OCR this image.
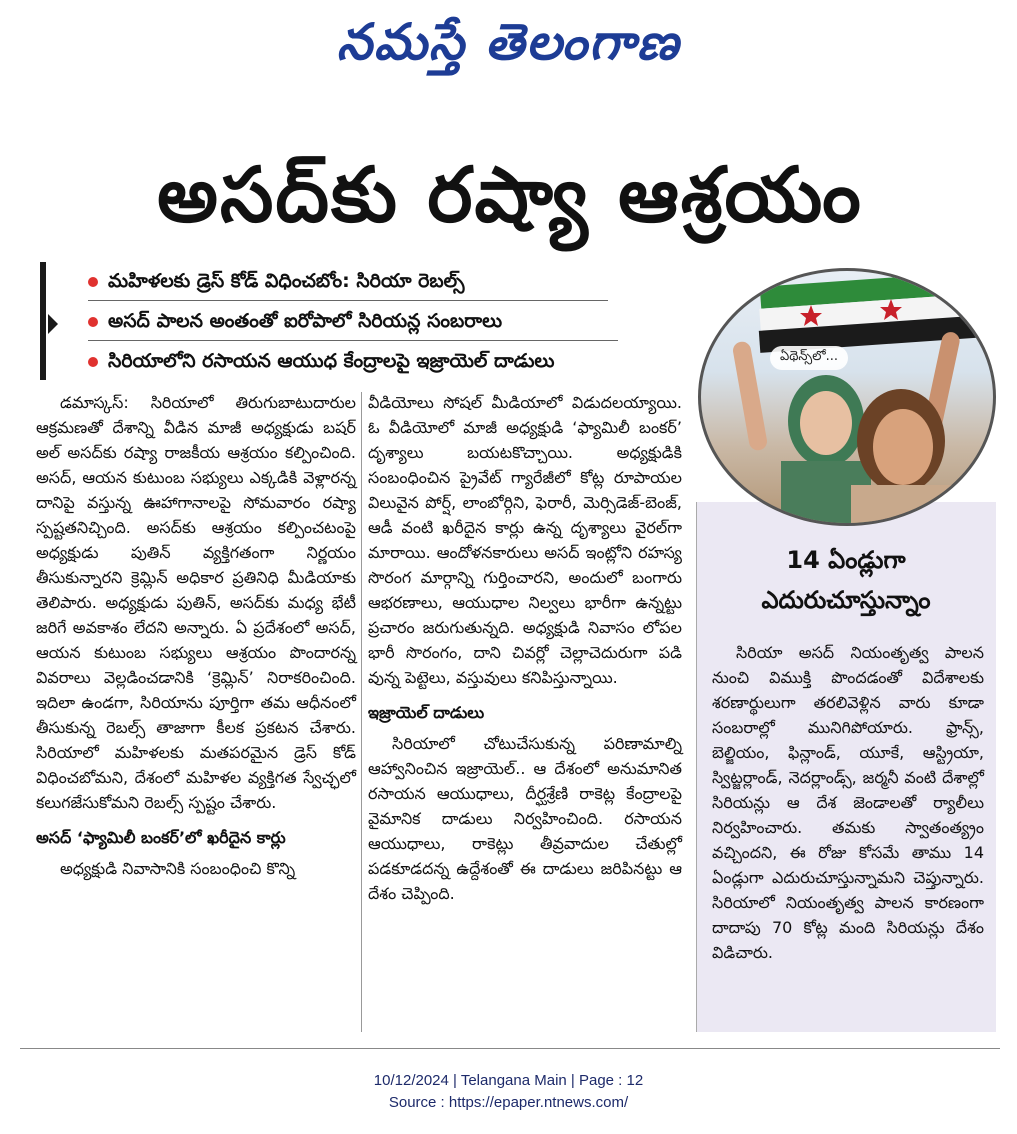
నమస్తే తెలంగాణ
అసద్‌కు రష్యా ఆశ్రయం
మహిళలకు డ్రెస్ కోడ్ విధించబోం: సిరియా రెబల్స్
అసద్ పాలన అంతంతో ఐరోపాలో సిరియన్ల సంబరాలు
సిరియాలోని రసాయన ఆయుధ కేంద్రాలపై ఇజ్రాయెల్ దాడులు	ఏథెన్స్‌లో...

డమాస్కస్: సిరియాలో తిరుగుబాటుదారుల ఆక్రమణతో దేశాన్ని వీడిన మాజీ అధ్యక్షుడు బషర్ అల్ అసద్‌కు రష్యా రాజకీయ ఆశ్రయం కల్పించింది. అసద్, ఆయన కుటుంబ సభ్యులు ఎక్కడికి వెళ్లారన్న దానిపై వస్తున్న ఊహాగానాలపై సోమవారం రష్యా స్పష్టతనిచ్చింది. అసద్‌కు ఆశ్రయం కల్పించటంపై అధ్యక్షుడు పుతిన్ వ్యక్తిగతంగా నిర్ణయం తీసుకున్నారని క్రెమ్లిన్ అధికార ప్రతినిధి మీడియాకు తెలిపారు. అధ్యక్షుడు పుతిన్, అసద్‌కు మధ్య భేటీ జరిగే అవకాశం లేదని అన్నారు. ఏ ప్రదేశంలో అసద్, ఆయన కుటుంబ సభ్యులు ఆశ్రయం పొందారన్న వివరాలు వెల్లడించడానికి ‘క్రెమ్లిన్’ నిరాకరించింది. ఇదిలా ఉండగా, సిరియాను పూర్తిగా తమ ఆధీనంలో తీసుకున్న రెబల్స్ తాజాగా కీలక ప్రకటన చేశారు. సిరియాలో మహిళలకు మతపరమైన డ్రెస్ కోడ్ విధించబోమని, దేశంలో మహిళల వ్యక్తిగత స్వేచ్ఛలో కలుగజేసుకోమని రెబల్స్ స్పష్టం చేశారు.

అసద్ ‘ఫ్యామిలీ బంకర్’లో ఖరీదైన కార్లు

అధ్యక్షుడి నివాసానికి సంబంధించి కొన్ని

వీడియోలు సోషల్ మీడియాలో విడుదలయ్యాయి. ఓ వీడియోలో మాజీ అధ్యక్షుడి ‘ఫ్యామిలీ బంకర్’ దృశ్యాలు బయటకొచ్చాయి. అధ్యక్షుడికి సంబంధించిన ప్రైవేట్ గ్యారేజీలో కోట్ల రూపాయల విలువైన పోర్ష్, లాంబోర్గిని, ఫెరారీ, మెర్సిడెజ్-బెంజ్, ఆడీ వంటి ఖరీదైన కార్లు ఉన్న దృశ్యాలు వైరల్‌గా మారాయి. ఆందోళనకారులు అసద్ ఇంట్లోని రహస్య సొరంగ మార్గాన్ని గుర్తించారని, అందులో బంగారు ఆభరణాలు, ఆయుధాల నిల్వలు భారీగా ఉన్నట్టు ప్రచారం జరుగుతున్నది. అధ్యక్షుడి నివాసం లోపల భారీ సొరంగం, దాని చివర్లో చెల్లాచెదురుగా పడి వున్న పెట్టెలు, వస్తువులు కనిపిస్తున్నాయి.

ఇజ్రాయెల్ దాడులు

సిరియాలో చోటుచేసుకున్న పరిణామాల్ని ఆహ్వానించిన ఇజ్రాయెల్.. ఆ దేశంలో అనుమానిత రసాయన ఆయుధాలు, దీర్ఘశ్రేణి రాకెట్ల కేంద్రాలపై వైమానిక దాడులు నిర్వహించింది. రసాయన ఆయుధాలు, రాకెట్లు తీవ్రవాదుల చేతుల్లో పడకూడదన్న ఉద్దేశంతో ఈ దాడులు జరిపినట్టు ఆ దేశం చెప్పింది.

14 ఏండ్లుగా
ఎదురుచూస్తున్నాం

సిరియా అసద్ నియంతృత్వ పాలన నుంచి విముక్తి పొందడంతో విదేశాలకు శరణార్థులుగా తరలివెళ్లిన వారు కూడా సంబరాల్లో మునిగిపోయారు. ఫ్రాన్స్, బెల్జియం, ఫిన్లాండ్, యూకే, ఆస్ట్రియా, స్విట్జర్లాండ్, నెదర్లాండ్స్, జర్మనీ వంటి దేశాల్లో సిరియన్లు ఆ దేశ జెండాలతో ర్యాలీలు నిర్వహించారు. తమకు స్వాతంత్య్రం వచ్చిందని, ఈ రోజు కోసమే తాము 14 ఏండ్లుగా ఎదురుచూస్తున్నామని చెప్తున్నారు. సిరియాలో నియంతృత్వ పాలన కారణంగా దాదాపు 70 కోట్ల మంది సిరియన్లు దేశం విడిచారు.

10/12/2024 | Telangana Main | Page : 12
Source : https://epaper.ntnews.com/
